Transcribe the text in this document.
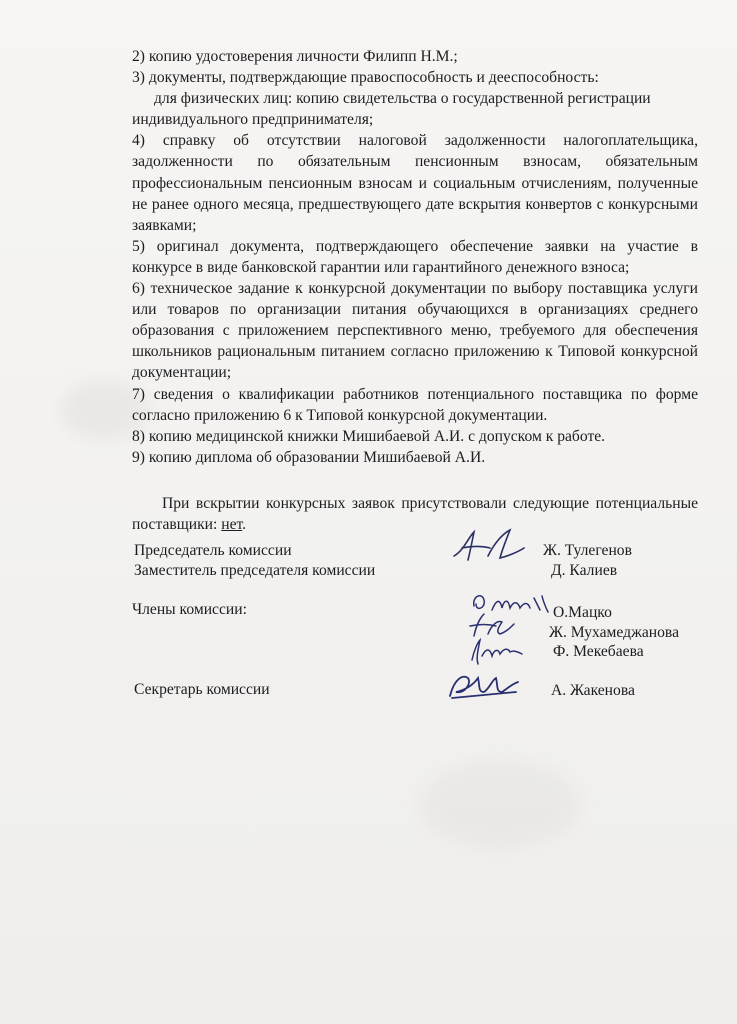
2) копию удостоверения личности Филипп Н.М.;

3) документы, подтверждающие правоспособность и дееспособность:

для физических лиц: копию свидетельства о государственной регистрации индивидуального предпринимателя;

4) справку об отсутствии налоговой задолженности налогоплательщика, задолженности по обязательным пенсионным взносам, обязательным профессиональным пенсионным взносам и социальным отчислениям, полученные не ранее одного месяца, предшествующего дате вскрытия конвертов с конкурсными заявками;

5) оригинал документа, подтверждающего обеспечение заявки на участие в конкурсе в виде банковской гарантии или гарантийного денежного взноса;

6) техническое задание к конкурсной документации по выбору поставщика услуги или товаров по организации питания обучающихся в организациях среднего образования с приложением перспективного меню, требуемого для обеспечения школьников рациональным питанием согласно приложению к Типовой конкурсной документации;

7) сведения о квалификации работников потенциального поставщика по форме согласно приложению 6 к Типовой конкурсной документации.

8) копию медицинской книжки Мишибаевой А.И. с допуском к работе.

9) копию диплома об образовании Мишибаевой А.И.

При вскрытии конкурсных заявок присутствовали следующие потенциальные поставщики: нет.

Председатель комиссии	Ж. Тулегенов
Заместитель председателя комиссии	Д. Калиев
Члены комиссии:	О.Мацко
Ж. Мухамеджанова
Ф. Мекебаева
Секретарь комиссии	А. Жакенова
